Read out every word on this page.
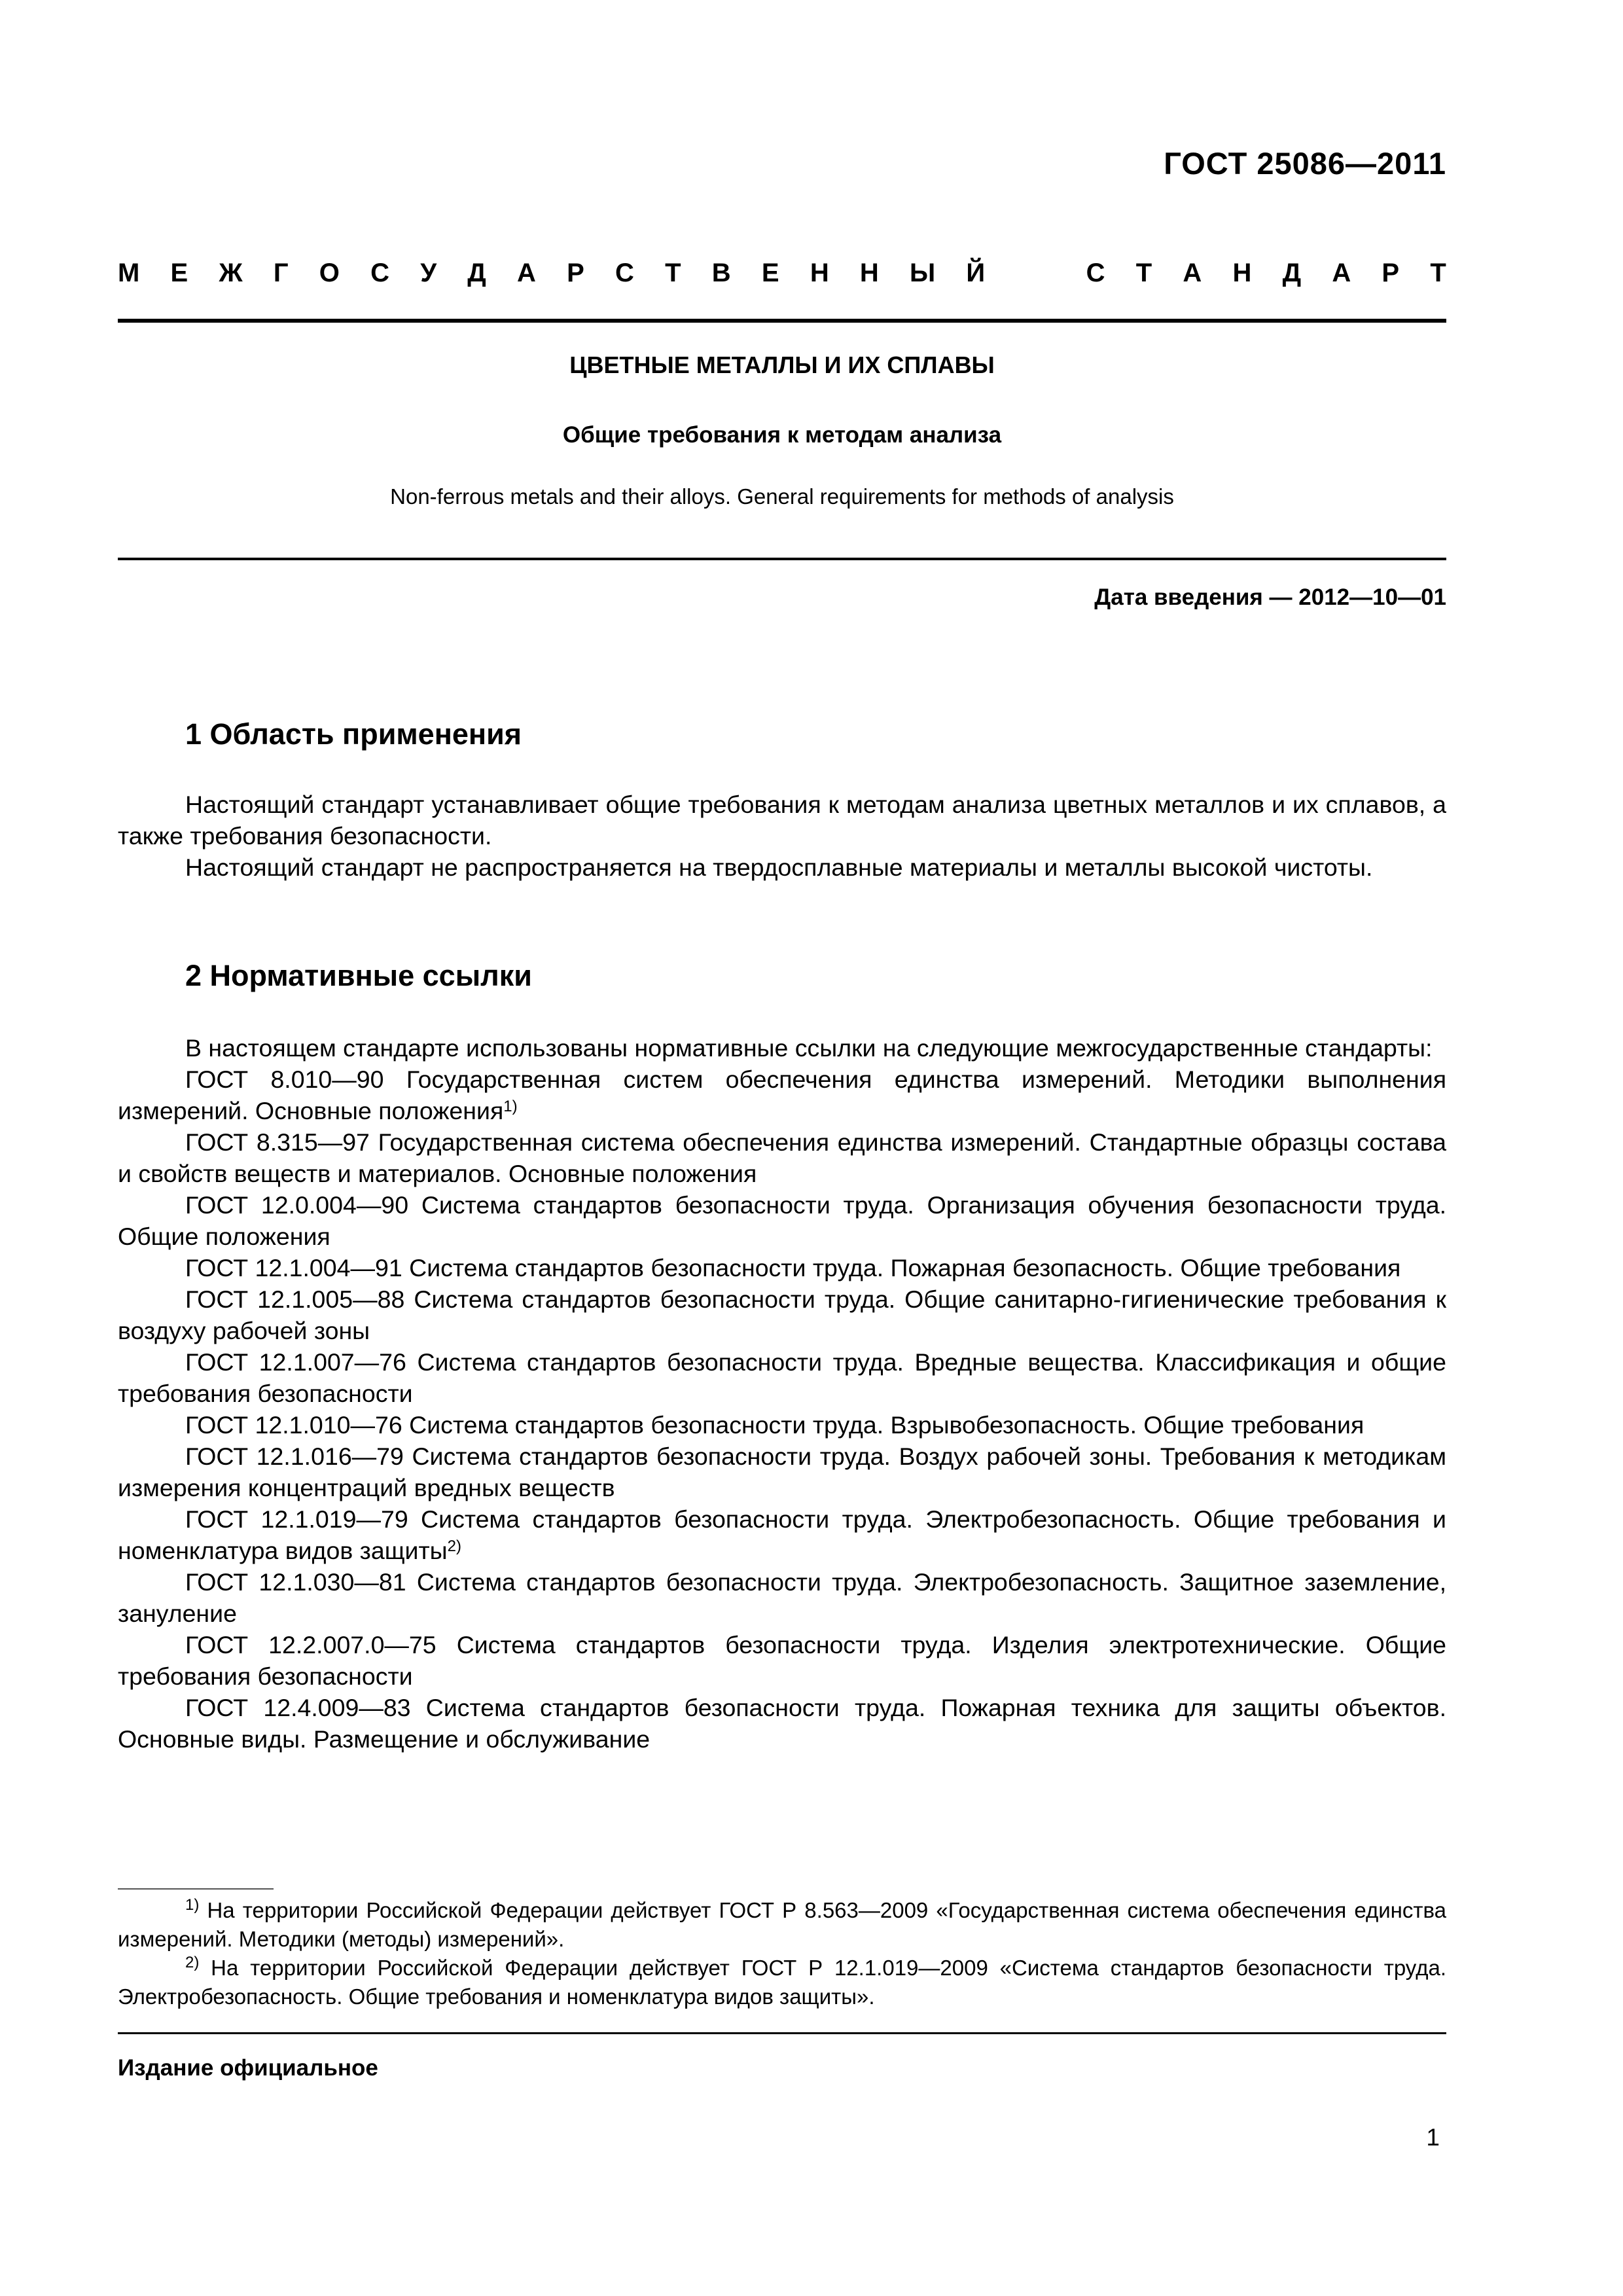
ГОСТ 25086—2011
М Е Ж Г О С У Д А Р С Т В Е Н Н Ы Й	С Т А Н Д А Р Т
ЦВЕТНЫЕ МЕТАЛЛЫ И ИХ СПЛАВЫ
Общие требования к методам анализа
Non-ferrous metals and their alloys. General requirements for methods of analysis
Дата введения — 2012—10—01
1 Область применения

Настоящий стандарт устанавливает общие требования к методам анализа цветных металлов и их сплавов, а также требования безопасности.

Настоящий стандарт не распространяется на твердосплавные материалы и металлы высокой чистоты.

2 Нормативные ссылки

В настоящем стандарте использованы нормативные ссылки на следующие межгосударственные стандарты:

ГОСТ 8.010—90 Государственная систем обеспечения единства измерений. Методики выполнения измерений. Основные положения$^{1)}$

ГОСТ 8.315—97 Государственная система обеспечения единства измерений. Стандартные образцы состава и свойств веществ и материалов. Основные положения

ГОСТ 12.0.004—90 Система стандартов безопасности труда. Организация обучения безопасности труда. Общие положения

ГОСТ 12.1.004—91 Система стандартов безопасности труда. Пожарная безопасность. Общие требования

ГОСТ 12.1.005—88 Система стандартов безопасности труда. Общие санитарно-гигиенические требования к воздуху рабочей зоны

ГОСТ 12.1.007—76 Система стандартов безопасности труда. Вредные вещества. Классификация и общие требования безопасности

ГОСТ 12.1.010—76 Система стандартов безопасности труда. Взрывобезопасность. Общие требования

ГОСТ 12.1.016—79 Система стандартов безопасности труда. Воздух рабочей зоны. Требования к методикам измерения концентраций вредных веществ

ГОСТ 12.1.019—79 Система стандартов безопасности труда. Электробезопасность. Общие требования и номенклатура видов защиты$^{2)}$

ГОСТ 12.1.030—81 Система стандартов безопасности труда. Электробезопасность. Защитное заземление, зануление

ГОСТ 12.2.007.0—75 Система стандартов безопасности труда. Изделия электротехнические. Общие требования безопасности

ГОСТ 12.4.009—83 Система стандартов безопасности труда. Пожарная техника для защиты объектов. Основные виды. Размещение и обслуживание

$^{1)}$ На территории Российской Федерации действует ГОСТ Р 8.563—2009 «Государственная система обеспечения единства измерений. Методики (методы) измерений».

$^{2)}$ На территории Российской Федерации действует ГОСТ Р 12.1.019—2009 «Система стандартов безопасности труда. Электробезопасность. Общие требования и номенклатура видов защиты».

Издание официальное
1
